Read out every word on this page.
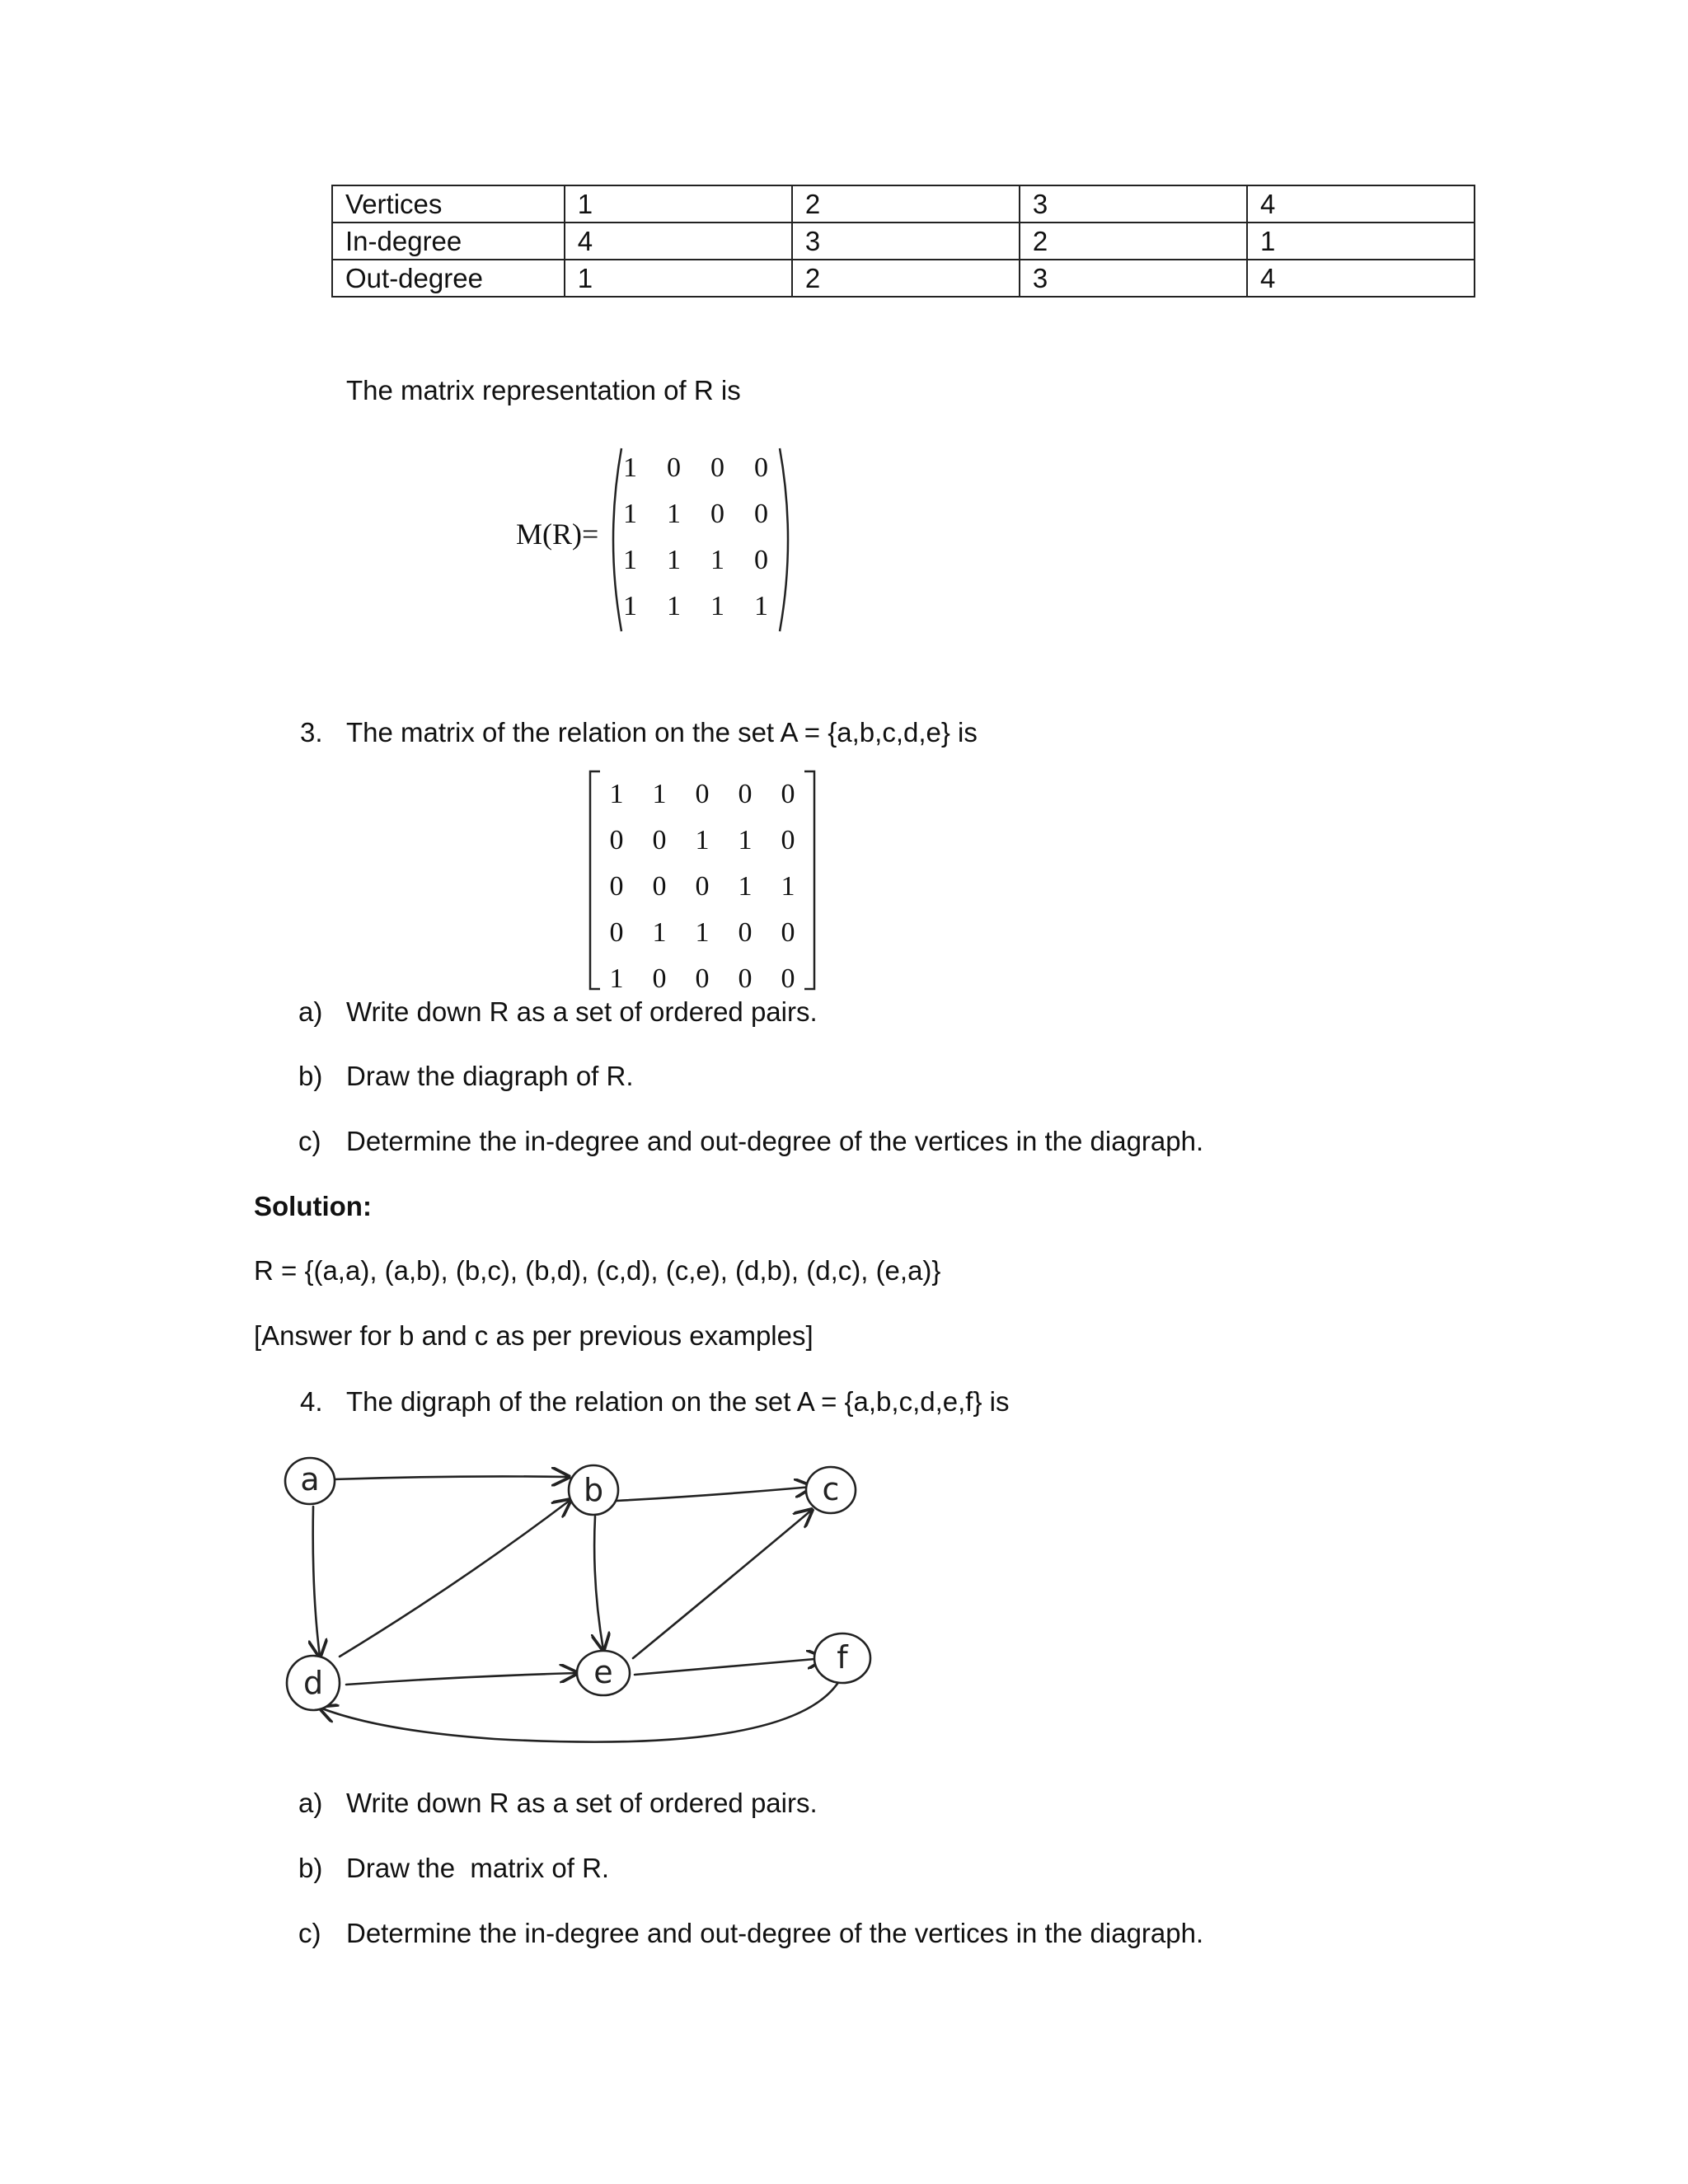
Vertices	1	2	3	4
In-degree	4	3	2	1
Out-degree	1	2	3	4
The matrix representation of R is
M(R)=
1	0	0	0
1	1	0	0
1	1	1	0
1	1	1	1
3. The matrix of the relation on the set A = {a,b,c,d,e} is
1	1	0	0	0
0	0	1	1	0
0	0	0	1	1
0	1	1	0	0
1	0	0	0	0
a) Write down R as a set of ordered pairs.
b) Draw the diagraph of R.
c) Determine the in-degree and out-degree of the vertices in the diagraph.
Solution:
R = {(a,a), (a,b), (b,c), (b,d), (c,d), (c,e), (d,b), (d,c), (e,a)}
[Answer for b and c as per previous examples]
4. The digraph of the relation on the set A = {a,b,c,d,e,f} is
a	b	c
d	e	f
a) Write down R as a set of ordered pairs.
b) Draw the  matrix of R.
c) Determine the in-degree and out-degree of the vertices in the diagraph.
